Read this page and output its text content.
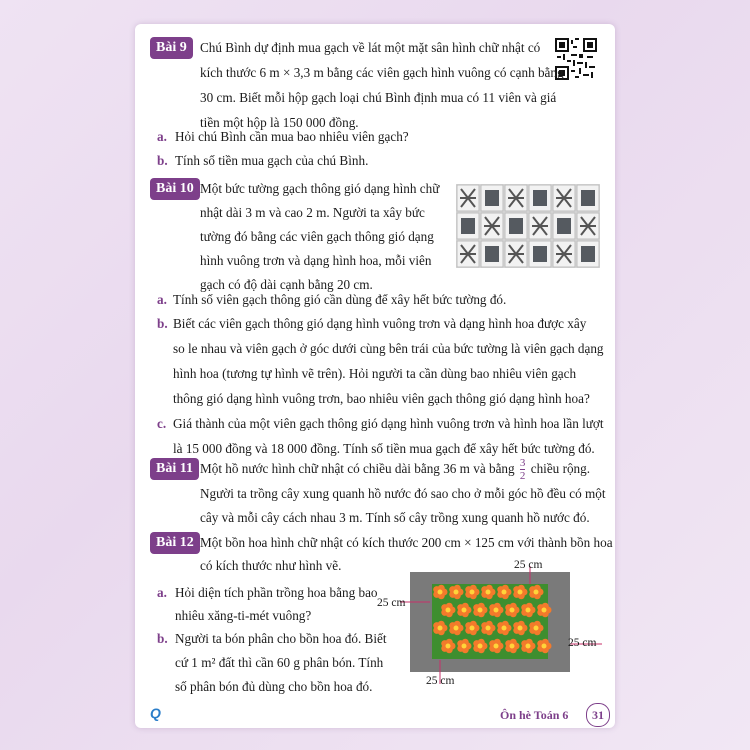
Bài 9	Chú Bình dự định mua gạch về lát một mặt sân hình chữ nhật có
kích thước 6 m × 3,3 m bằng các viên gạch hình vuông có cạnh bằng
30 cm. Biết mỗi hộp gạch loại chú Bình định mua có 11 viên và giá
tiền một hộp là 150 000 đồng.
a. Hỏi chú Bình cần mua bao nhiêu viên gạch?
b. Tính số tiền mua gạch của chú Bình.
Bài 10 Một bức tường gạch thông gió dạng hình chữ
nhật dài 3 m và cao 2 m. Người ta xây bức
tường đó bằng các viên gạch thông gió dạng
hình vuông trơn và dạng hình hoa, mỗi viên
gạch có độ dài cạnh bằng 20 cm.
a. Tính số viên gạch thông gió cần dùng để xây hết bức tường đó.
b. Biết các viên gạch thông gió dạng hình vuông trơn và dạng hình hoa được xây
so le nhau và viên gạch ở góc dưới cùng bên trái của bức tường là viên gạch dạng
hình hoa (tương tự hình vẽ trên). Hỏi người ta cần dùng bao nhiêu viên gạch
thông gió dạng hình vuông trơn, bao nhiêu viên gạch thông gió dạng hình hoa?
c. Giá thành của một viên gạch thông gió dạng hình vuông trơn và hình hoa lần lượt
là 15 000 đồng và 18 000 đồng. Tính số tiền mua gạch để xây hết bức tường đó.
Bài 11 Một hồ nước hình chữ nhật có chiều dài bằng 36 m và bằng $\frac{3}{2}$ chiều rộng.
Người ta trồng cây xung quanh hồ nước đó sao cho ở mỗi góc hồ đều có một
cây và mỗi cây cách nhau 3 m. Tính số cây trồng xung quanh hồ nước đó.
Bài 12 Một bồn hoa hình chữ nhật có kích thước 200 cm × 125 cm với thành bồn hoa
có kích thước như hình vẽ.
a. Hỏi diện tích phần trồng hoa bằng bao
nhiêu xăng-ti-mét vuông?
b. Người ta bón phân cho bồn hoa đó. Biết
cứ 1 m² đất thì cần 60 g phân bón. Tính
số phân bón đủ dùng cho bồn hoa đó.
25 cm
25 cm
25 cm
25 cm
Q	Ôn hè Toán 6	31
